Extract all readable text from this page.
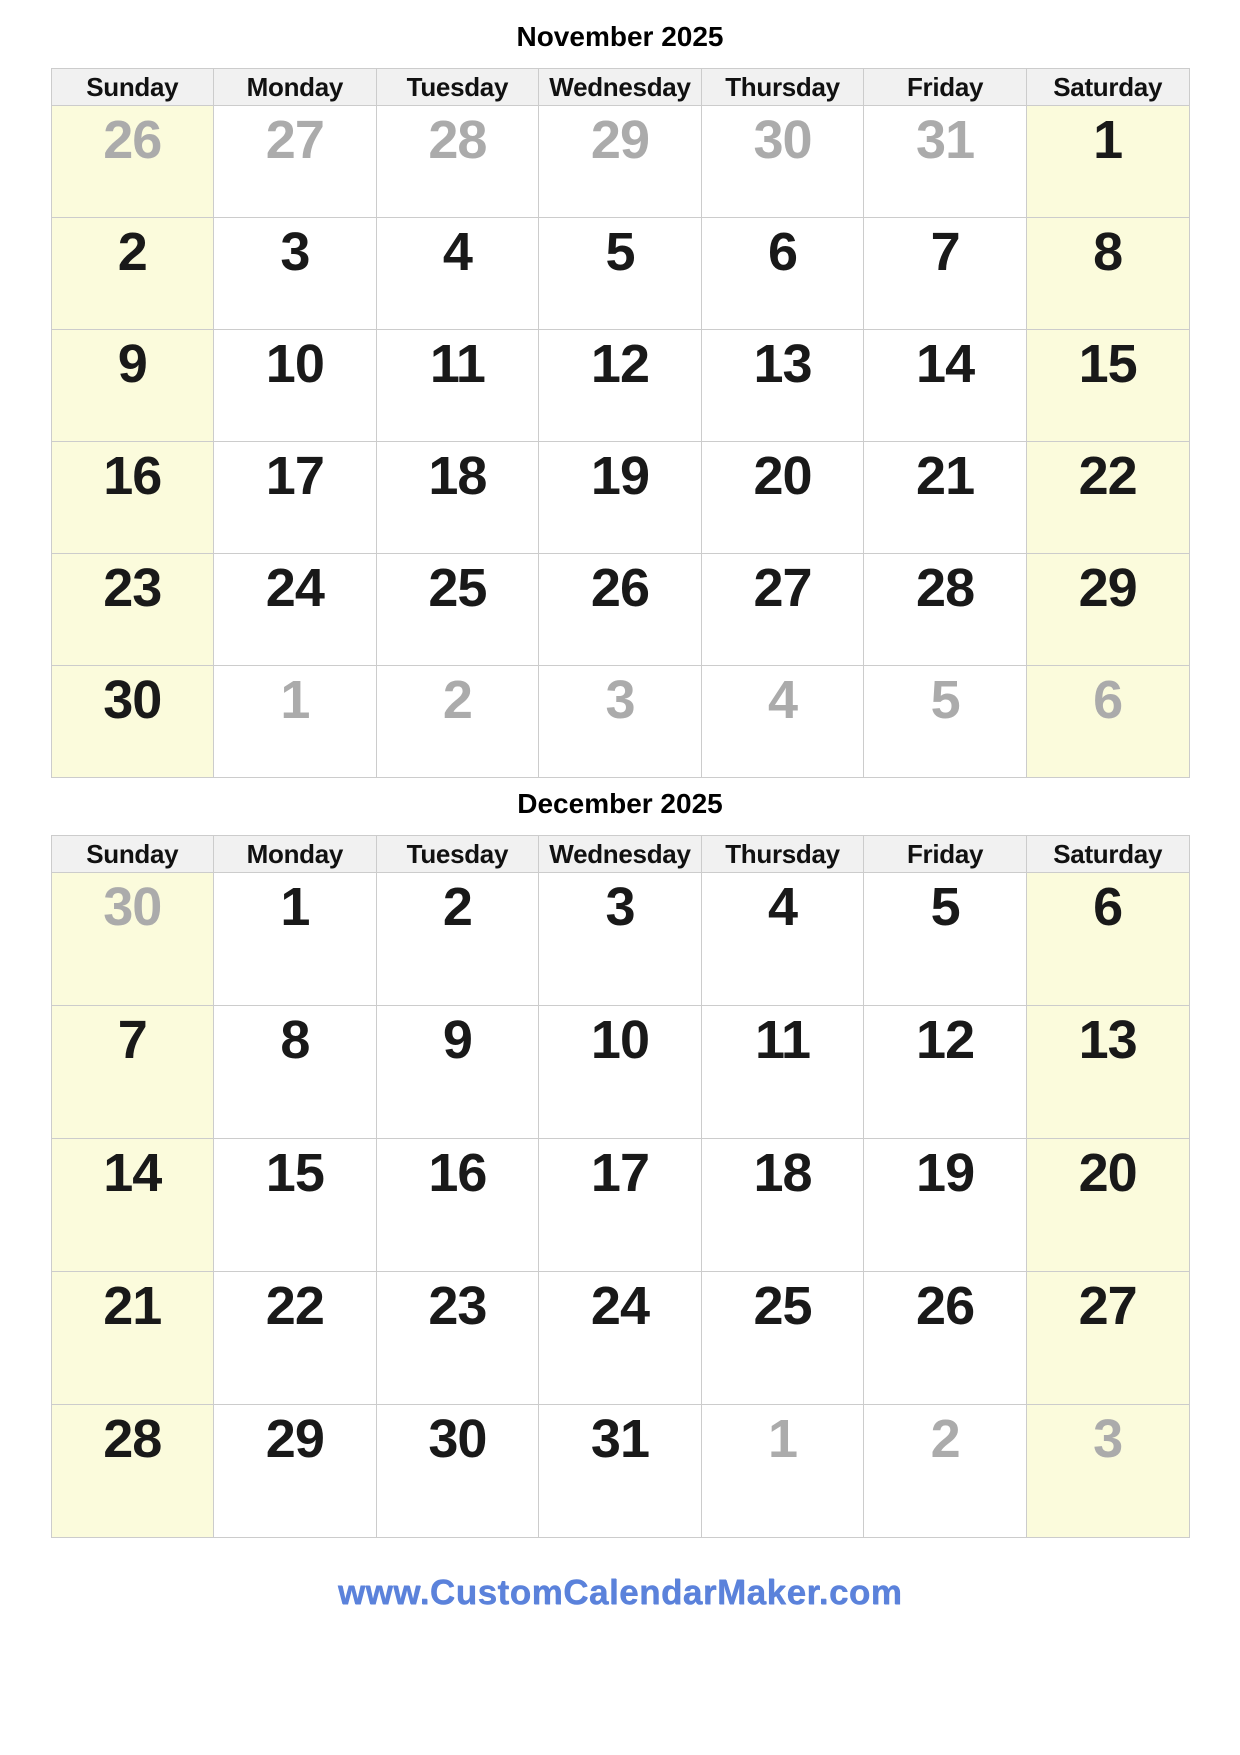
November 2025
Sunday	Monday	Tuesday	Wednesday	Thursday	Friday	Saturday
26	27	28	29	30	31	1
2	3	4	5	6	7	8
9	10	11	12	13	14	15
16	17	18	19	20	21	22
23	24	25	26	27	28	29
30	1	2	3	4	5	6
December 2025
Sunday	Monday	Tuesday	Wednesday	Thursday	Friday	Saturday
30	1	2	3	4	5	6
7	8	9	10	11	12	13
14	15	16	17	18	19	20
21	22	23	24	25	26	27
28	29	30	31	1	2	3
www.CustomCalendarMaker.com
